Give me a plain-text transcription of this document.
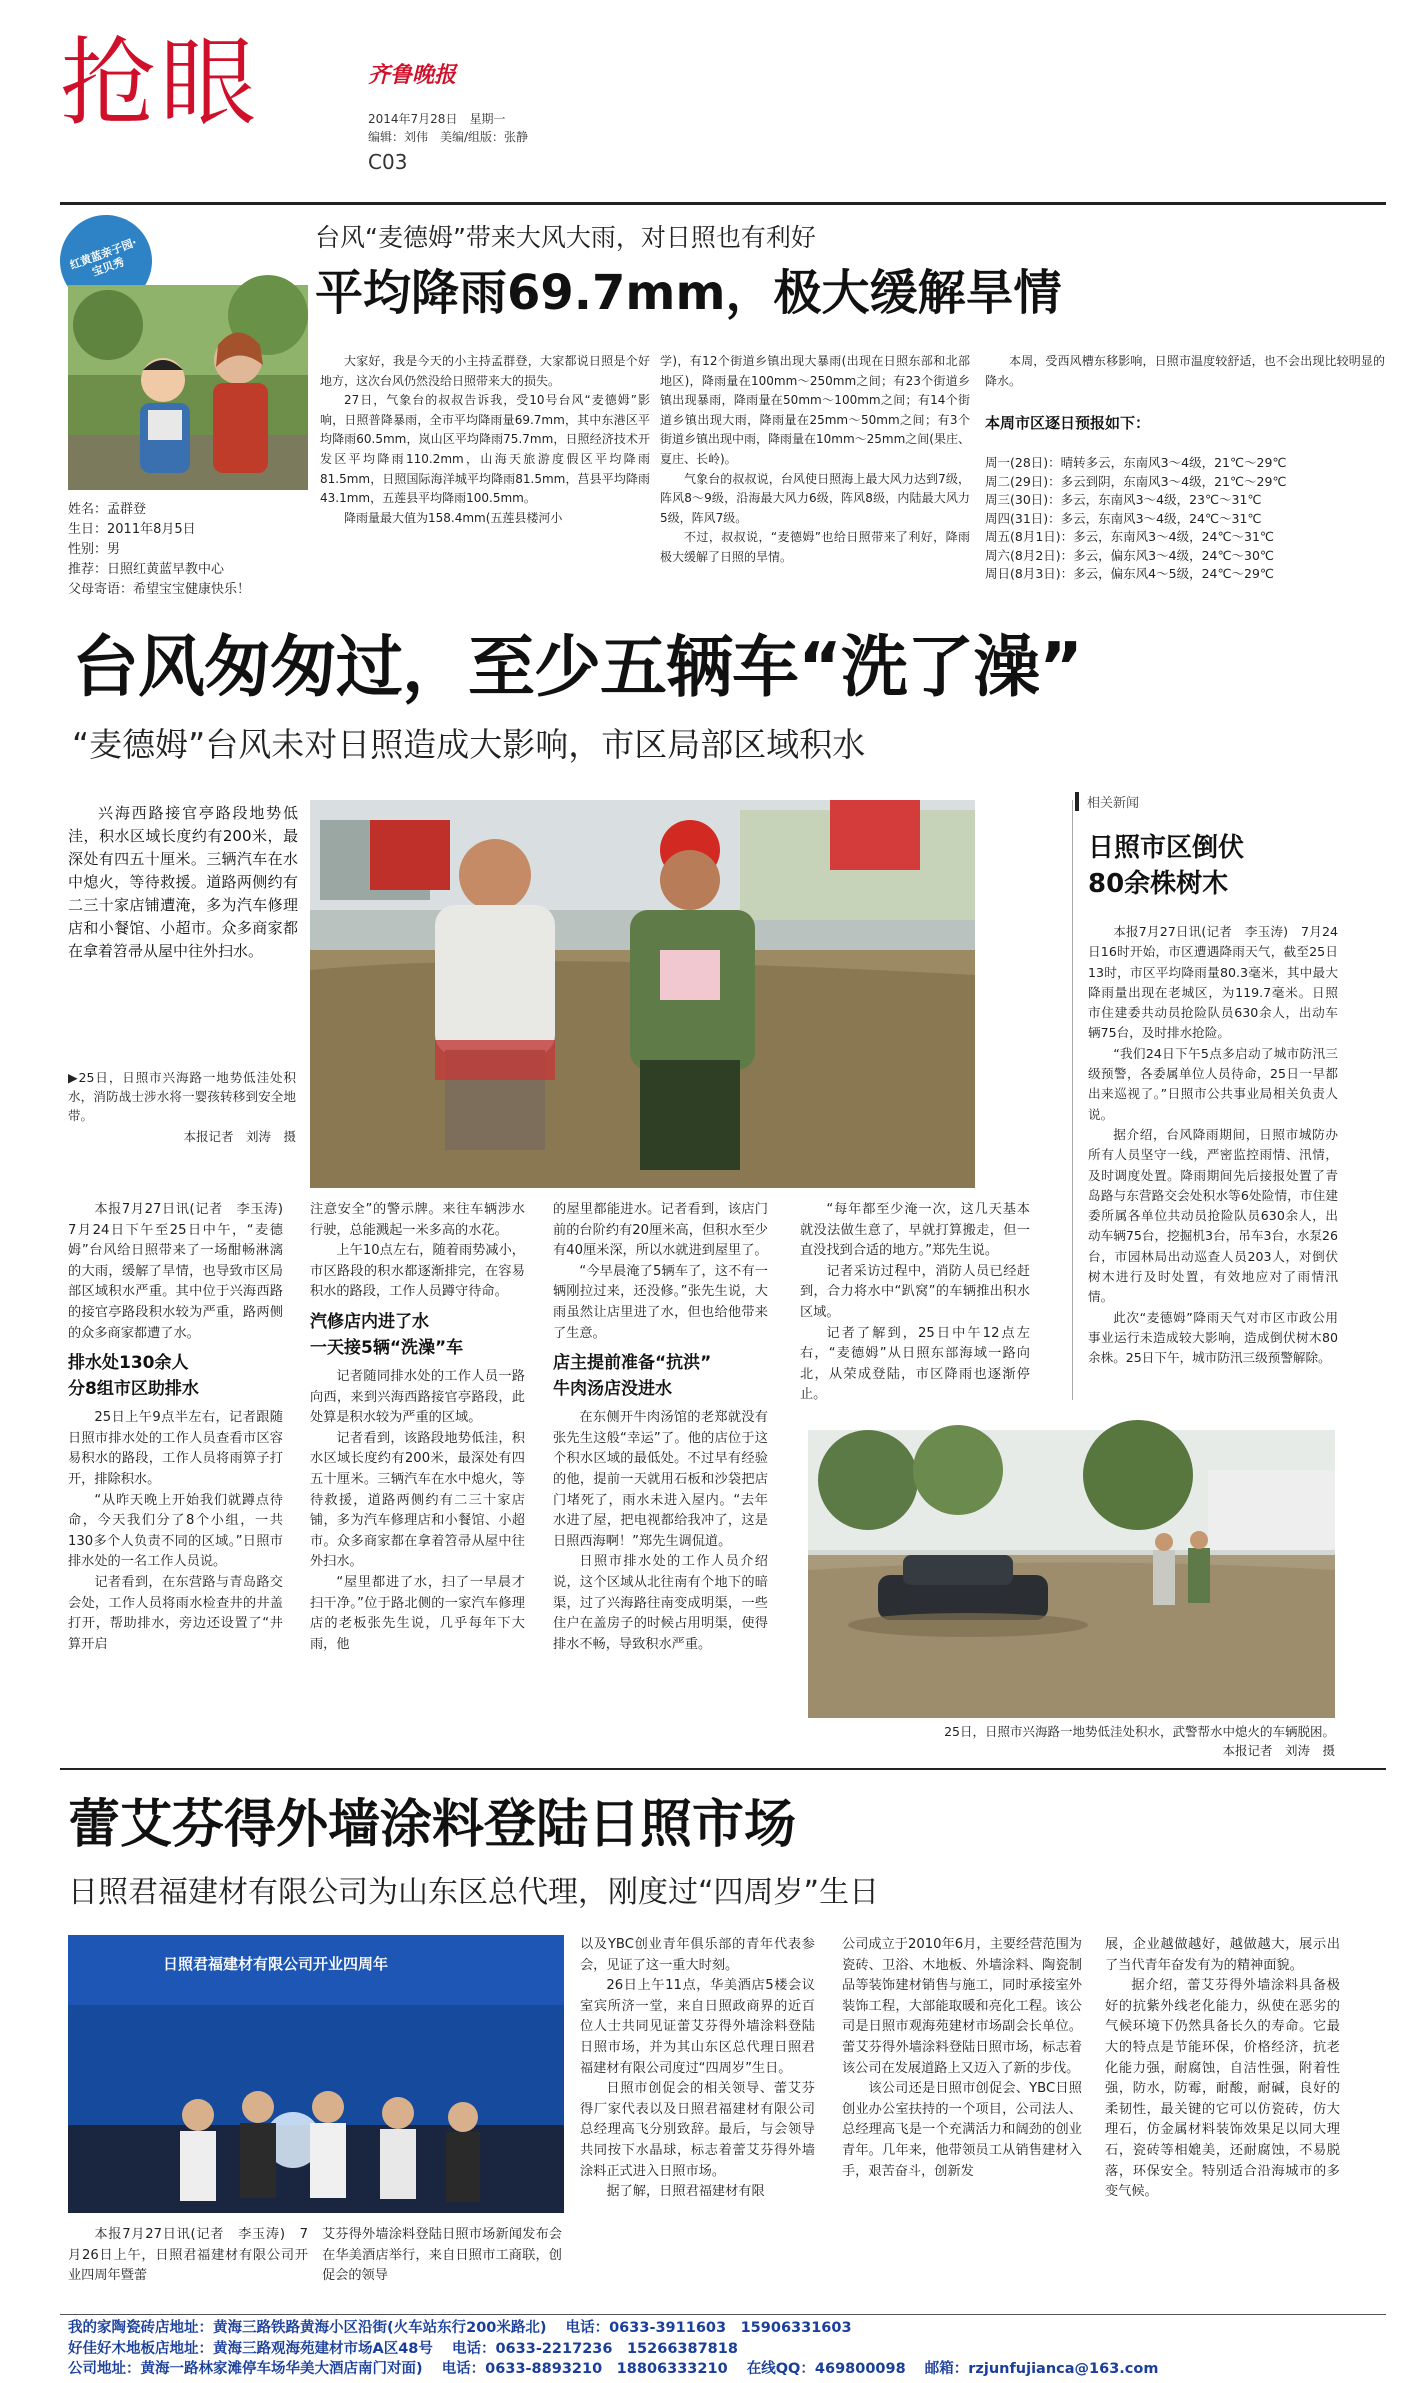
抢眼	齐鲁晚报
2014年7月28日　星期一
编辑：刘伟　美编/组版：张静
C03
红黄蓝亲子园·宝贝秀
姓名：孟群登
生日：2011年8月5日
性别：男
推荐：日照红黄蓝早教中心
父母寄语：希望宝宝健康快乐！
台风“麦德姆”带来大风大雨，对日照也有利好
平均降雨69.7mm，极大缓解旱情

大家好，我是今天的小主持孟群登，大家都说日照是个好地方，这次台风仍然没给日照带来大的损失。

27日，气象台的叔叔告诉我，受10号台风“麦德姆”影响，日照普降暴雨，全市平均降雨量69.7mm，其中东港区平均降雨60.5mm，岚山区平均降雨75.7mm，日照经济技术开发区平均降雨110.2mm，山海天旅游度假区平均降雨81.5mm，日照国际海洋城平均降雨81.5mm，莒县平均降雨43.1mm，五莲县平均降雨100.5mm。

降雨量最大值为158.4mm(五莲县楼河小

学)，有12个街道乡镇出现大暴雨(出现在日照东部和北部地区)，降雨量在100mm～250mm之间；有23个街道乡镇出现暴雨，降雨量在50mm～100mm之间；有14个街道乡镇出现大雨，降雨量在25mm～50mm之间；有3个街道乡镇出现中雨，降雨量在10mm～25mm之间(果庄、夏庄、长岭)。

气象台的叔叔说，台风使日照海上最大风力达到7级，阵风8～9级，沿海最大风力6级，阵风8级，内陆最大风力5级，阵风7级。

不过，叔叔说，“麦德姆”也给日照带来了利好，降雨极大缓解了日照的旱情。

本周，受西风槽东移影响，日照市温度较舒适，也不会出现比较明显的降水。

本周市区逐日预报如下：
周一(28日)：晴转多云，东南风3～4级，21℃～29℃
周二(29日)：多云到阴，东南风3～4级，21℃～29℃
周三(30日)：多云，东南风3～4级，23℃～31℃
周四(31日)：多云，东南风3～4级，24℃～31℃
周五(8月1日)：多云，东南风3～4级，24℃～31℃
周六(8月2日)：多云，偏东风3～4级，24℃～30℃
周日(8月3日)：多云，偏东风4～5级，24℃～29℃
台风匆匆过，至少五辆车“洗了澡”
“麦德姆”台风未对日照造成大影响，市区局部区域积水

兴海西路接官亭路段地势低洼，积水区域长度约有200米，最深处有四五十厘米。三辆汽车在水中熄火，等待救援。道路两侧约有二三十家店铺遭淹，多为汽车修理店和小餐馆、小超市。众多商家都在拿着笤帚从屋中往外扫水。

▶25日，日照市兴海路一地势低洼处积水，消防战士涉水将一婴孩转移到安全地带。

本报记者　刘涛　摄
相关新闻
日照市区倒伏
80余株树木

本报7月27日讯(记者　李玉涛)　7月24日16时开始，市区遭遇降雨天气，截至25日13时，市区平均降雨量80.3毫米，其中最大降雨量出现在老城区，为119.7毫米。日照市住建委共动员抢险队员630余人，出动车辆75台，及时排水抢险。

“我们24日下午5点多启动了城市防汛三级预警，各委属单位人员待命，25日一早都出来巡视了。”日照市公共事业局相关负责人说。

据介绍，台风降雨期间，日照市城防办所有人员坚守一线，严密监控雨情、汛情，及时调度处置。降雨期间先后接报处置了青岛路与东营路交会处积水等6处险情，市住建委所属各单位共动员抢险队员630余人，出动车辆75台，挖掘机3台，吊车3台，水泵26台，市园林局出动巡查人员203人，对倒伏树木进行及时处置，有效地应对了雨情汛情。

此次“麦德姆”降雨天气对市区市政公用事业运行未造成较大影响，造成倒伏树木80余株。25日下午，城市防汛三级预警解除。

本报7月27日讯(记者　李玉涛)　7月24日下午至25日中午，“麦德姆”台风给日照带来了一场酣畅淋漓的大雨，缓解了旱情，也导致市区局部区域积水严重。其中位于兴海西路的接官亭路段积水较为严重，路两侧的众多商家都遭了水。

排水处130余人
分8组市区助排水

25日上午9点半左右，记者跟随日照市排水处的工作人员查看市区容易积水的路段，工作人员将雨箅子打开，排除积水。

“从昨天晚上开始我们就蹲点待命，今天我们分了8个小组，一共130多个人负责不同的区域。”日照市排水处的一名工作人员说。

记者看到，在东营路与青岛路交会处，工作人员将雨水检查井的井盖打开，帮助排水，旁边还设置了“井算开启

注意安全”的警示牌。来往车辆涉水行驶，总能溅起一米多高的水花。

上午10点左右，随着雨势减小，市区路段的积水都逐渐排完，在容易积水的路段，工作人员蹲守待命。

汽修店内进了水
一天接5辆“洗澡”车

记者随同排水处的工作人员一路向西，来到兴海西路接官亭路段，此处算是积水较为严重的区域。

记者看到，该路段地势低洼，积水区域长度约有200米，最深处有四五十厘米。三辆汽车在水中熄火，等待救援，道路两侧约有二三十家店铺，多为汽车修理店和小餐馆、小超市。众多商家都在拿着笤帚从屋中往外扫水。

“屋里都进了水，扫了一早晨才扫干净。”位于路北侧的一家汽车修理店的老板张先生说，几乎每年下大雨，他

的屋里都能进水。记者看到，该店门前的台阶约有20厘米高，但积水至少有40厘米深，所以水就进到屋里了。

“今早晨淹了5辆车了，这不有一辆刚拉过来，还没修。”张先生说，大雨虽然让店里进了水，但也给他带来了生意。

店主提前准备“抗洪”
牛肉汤店没进水

在东侧开牛肉汤馆的老郑就没有张先生这般“幸运”了。他的店位于这个积水区域的最低处。不过早有经验的他，提前一天就用石板和沙袋把店门堵死了，雨水未进入屋内。“去年水进了屋，把电视都给我冲了，这是日照西海啊！”郑先生调侃道。

日照市排水处的工作人员介绍说，这个区域从北往南有个地下的暗渠，过了兴海路往南变成明渠，一些住户在盖房子的时候占用明渠，使得排水不畅，导致积水严重。

“每年都至少淹一次，这几天基本就没法做生意了，早就打算搬走，但一直没找到合适的地方。”郑先生说。

记者采访过程中，消防人员已经赶到，合力将水中“趴窝”的车辆推出积水区域。

记者了解到，25日中午12点左右，“麦德姆”从日照东部海域一路向北，从荣成登陆，市区降雨也逐渐停止。

25日，日照市兴海路一地势低洼处积水，武警帮水中熄火的车辆脱困。
本报记者　刘涛　摄
蕾艾芬得外墙涂料登陆日照市场
日照君福建材有限公司为山东区总代理，刚度过“四周岁”生日
日照君福建材有限公司开业四周年

本报7月27日讯(记者　李玉涛)　7月26日上午，日照君福建材有限公司开业四周年暨蕾

艾芬得外墙涂料登陆日照市场新闻发布会在华美酒店举行，来自日照市工商联，创促会的领导

以及YBC创业青年俱乐部的青年代表参会，见证了这一重大时刻。

26日上午11点，华美酒店5楼会议室宾所济一堂，来自日照政商界的近百位人士共同见证蕾艾芬得外墙涂料登陆日照市场，并为其山东区总代理日照君福建材有限公司度过“四周岁”生日。

日照市创促会的相关领导、蕾艾芬得厂家代表以及日照君福建材有限公司总经理高飞分别致辞。最后，与会领导共同按下水晶球，标志着蕾艾芬得外墙涂料正式进入日照市场。

据了解，日照君福建材有限

公司成立于2010年6月，主要经营范围为瓷砖、卫浴、木地板、外墙涂料、陶瓷制品等装饰建材销售与施工，同时承接室外装饰工程，大部能取暖和亮化工程。该公司是日照市观海苑建材市场副会长单位。蕾艾芬得外墙涂料登陆日照市场，标志着该公司在发展道路上又迈入了新的步伐。

该公司还是日照市创促会、YBC日照创业办公室扶持的一个项目，公司法人、总经理高飞是一个充满活力和阔劲的创业青年。几年来，他带领员工从销售建材入手，艰苦奋斗，创新发

展，企业越做越好，越做越大，展示出了当代青年奋发有为的精神面貌。

据介绍，蕾艾芬得外墙涂料具备极好的抗紫外线老化能力，纵使在恶劣的气候环境下仍然具备长久的寿命。它最大的特点是节能环保，价格经济，抗老化能力强，耐腐蚀，自洁性强，附着性强，防水，防霉，耐酸，耐碱，良好的柔韧性，最关键的它可以仿瓷砖，仿大理石，仿金属材料装饰效果足以同大理石，瓷砖等相媲美，还耐腐蚀，不易脱落，环保安全。特别适合沿海城市的多变气候。

我的家陶瓷砖店地址：黄海三路铁路黄海小区沿街(火车站东行200米路北) 电话：0633-3911603　15906331603
好佳好木地板店地址：黄海三路观海苑建材市场A区48号 电话：0633-2217236　15266387818
公司地址：黄海一路林家滩停车场华美大酒店南门对面) 电话：0633-8893210　18806333210 在线QQ：469800098 邮箱：rzjunfujianca@163.com
